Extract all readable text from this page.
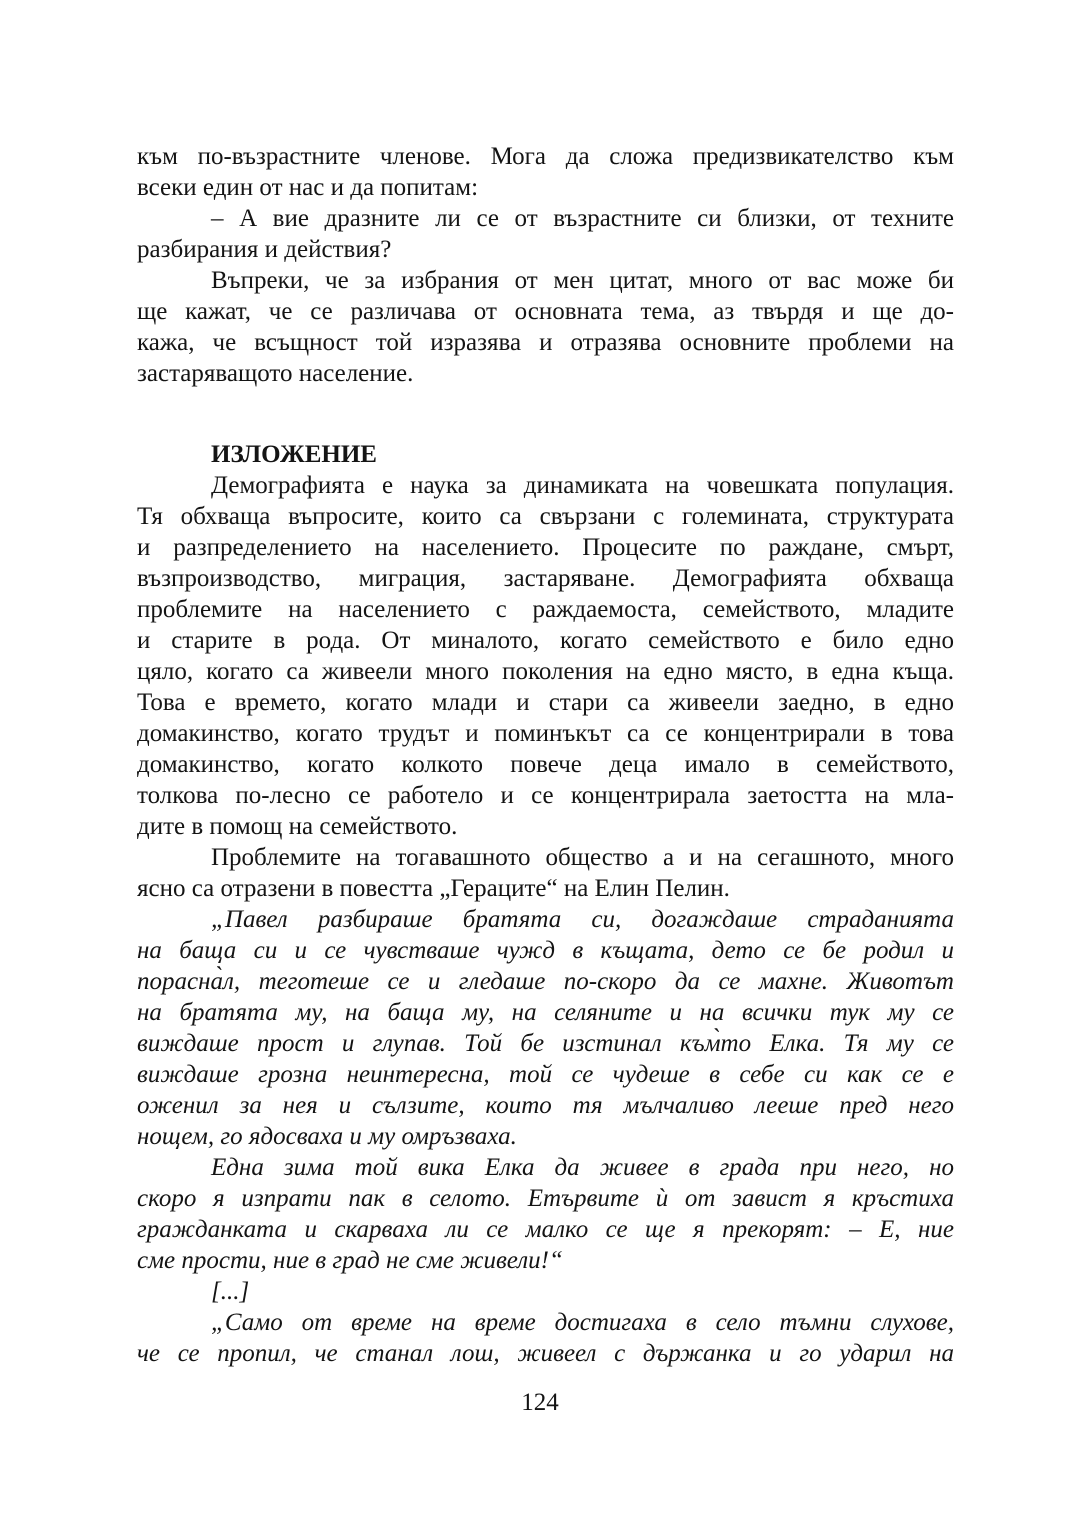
към по-възрастните членове. Мога да сложа предизвикателство към
всеки един от нас и да попитам:
– А вие дразните ли се от възрастните си близки, от техните
разбирания и действия?
Въпреки, че за избрания от мен цитат, много от вас може би
ще кажат, че се различава от основната тема, аз твърдя и ще до-
кажа, че всъщност той изразява и отразява основните проблеми на
застаряващото население.
ИЗЛОЖЕНИЕ
Демографията е наука за динамиката на човешката популация.
Тя обхваща въпросите, които са свързани с големината, структурата
и разпределението на населението. Процесите по раждане, смърт,
възпроизводство, миграция, застаряване. Демографията обхваща
проблемите на населението с раждаемоста, семейството, младите
и старите в рода. От миналото, когато семейството е било едно
цяло, когато са живеели много поколения на едно място, в една къща.
Това е времето, когато млади и стари са живеели заедно, в едно
домакинство, когато трудът и поминъкът са се концентрирали в това
домакинство, когато колкото повече деца имало в семейството,
толкова по-лесно се работело и се концентрирала заетостта на мла-
дите в помощ на семейството.
Проблемите на тогавашното общество а и на сегашното, много
ясно са отразени в повестта „Гераците“ на Елин Пелин.
„Павел разбираше братята си, догаждаше страданията
на баща си и се чувстваше чужд в къщата, дето се бе родил и
порасна̀л, теготеше се и гледаше по-скоро да се махне. Животът
на братята му, на баща му, на селяните и на всички тук му се
виждаше прост и глупав. Той бе изстинал към̀то Елка. Тя му се
виждаше грозна неинтересна, той се чудеше в себе си как се е
оженил за нея и сълзите, които тя мълчаливо лееше пред него
нощем, го ядосваха и му омръзваха.
Една зима той вика Елка да живее в града при него, но
скоро я изпрати пак в селото. Етървите ѝ от завист я кръстиха
гражданката и скарваха ли се малко се ще я прекорят: – Е, ние
сме прости, ние в град не сме живели!“
[...]
„Само от време на време достигаха в село тъмни слухове,
че се пропил, че станал лош, живеел с държанка и го ударил на
124
